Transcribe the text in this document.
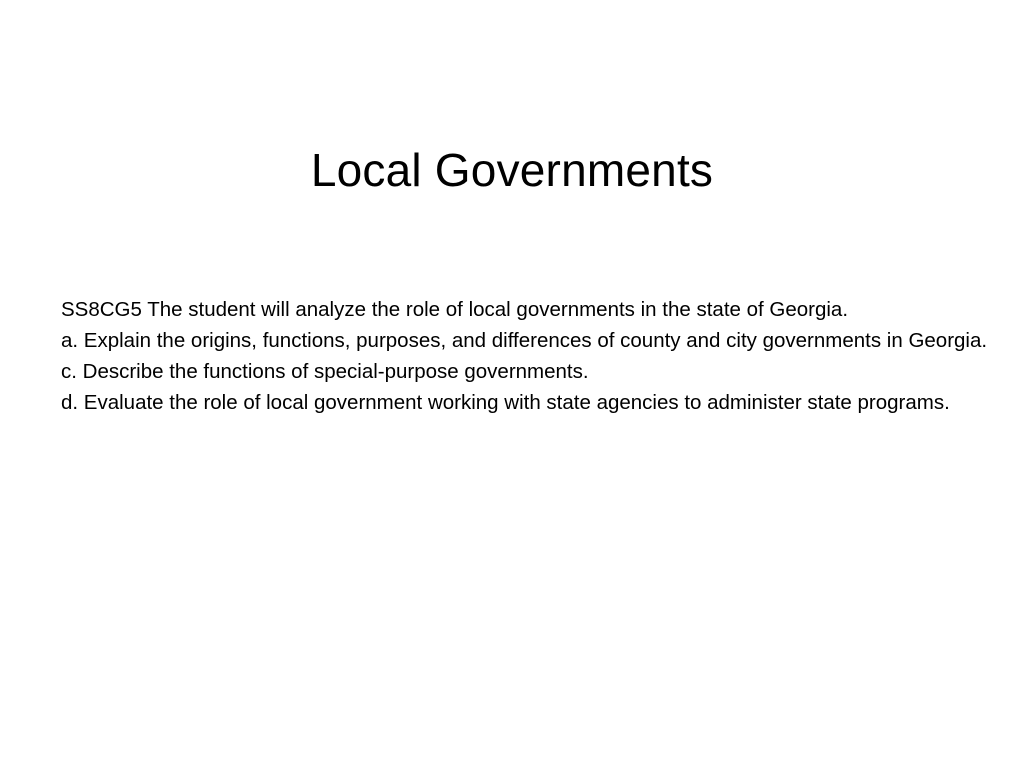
Local Governments
SS8CG5 The student will analyze the role of local governments in the state of Georgia.
a. Explain the origins, functions, purposes, and differences of county and city governments in Georgia.
c. Describe the functions of special-purpose governments.
d. Evaluate the role of local government working with state agencies to administer state programs.
